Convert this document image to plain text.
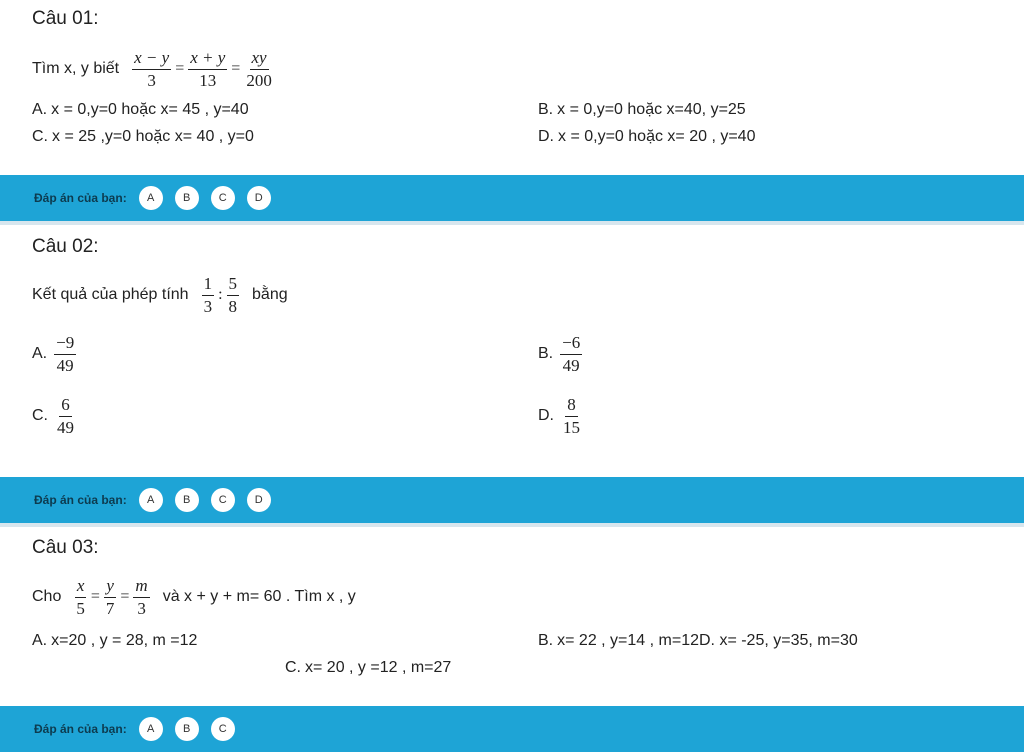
Câu 01:
Tìm x, y biết $\frac{x - y}{3} = \frac{x + y}{13} = \frac{xy}{200}$
A. x = 0,y=0 hoặc x= 45 , y=40	B. x = 0,y=0 hoặc x=40, y=25
C. x = 25 ,y=0 hoặc x= 40 , y=0	D. x = 0,y=0 hoặc x= 20 , y=40
Đáp án của bạn:	A	B	C	D
Câu 02:
Kết quả của phép tính $\frac{1}{3}$ : $\frac{5}{8}$ bằng
A. $\frac{-9}{49}$	B. $\frac{-6}{49}$
C. $\frac{6}{49}$	D. $\frac{8}{15}$
Đáp án của bạn:	A	B	C	D
Câu 03:
Cho $\frac{x}{5} = \frac{y}{7} = \frac{m}{3}$ và x + y + m= 60 . Tìm x , y
A. x=20 , y = 28, m =12	B. x= 22 , y=14 , m=12D. x= -25, y=35, m=30
C. x= 20 , y =12 , m=27
Đáp án của bạn:	A	B	C
